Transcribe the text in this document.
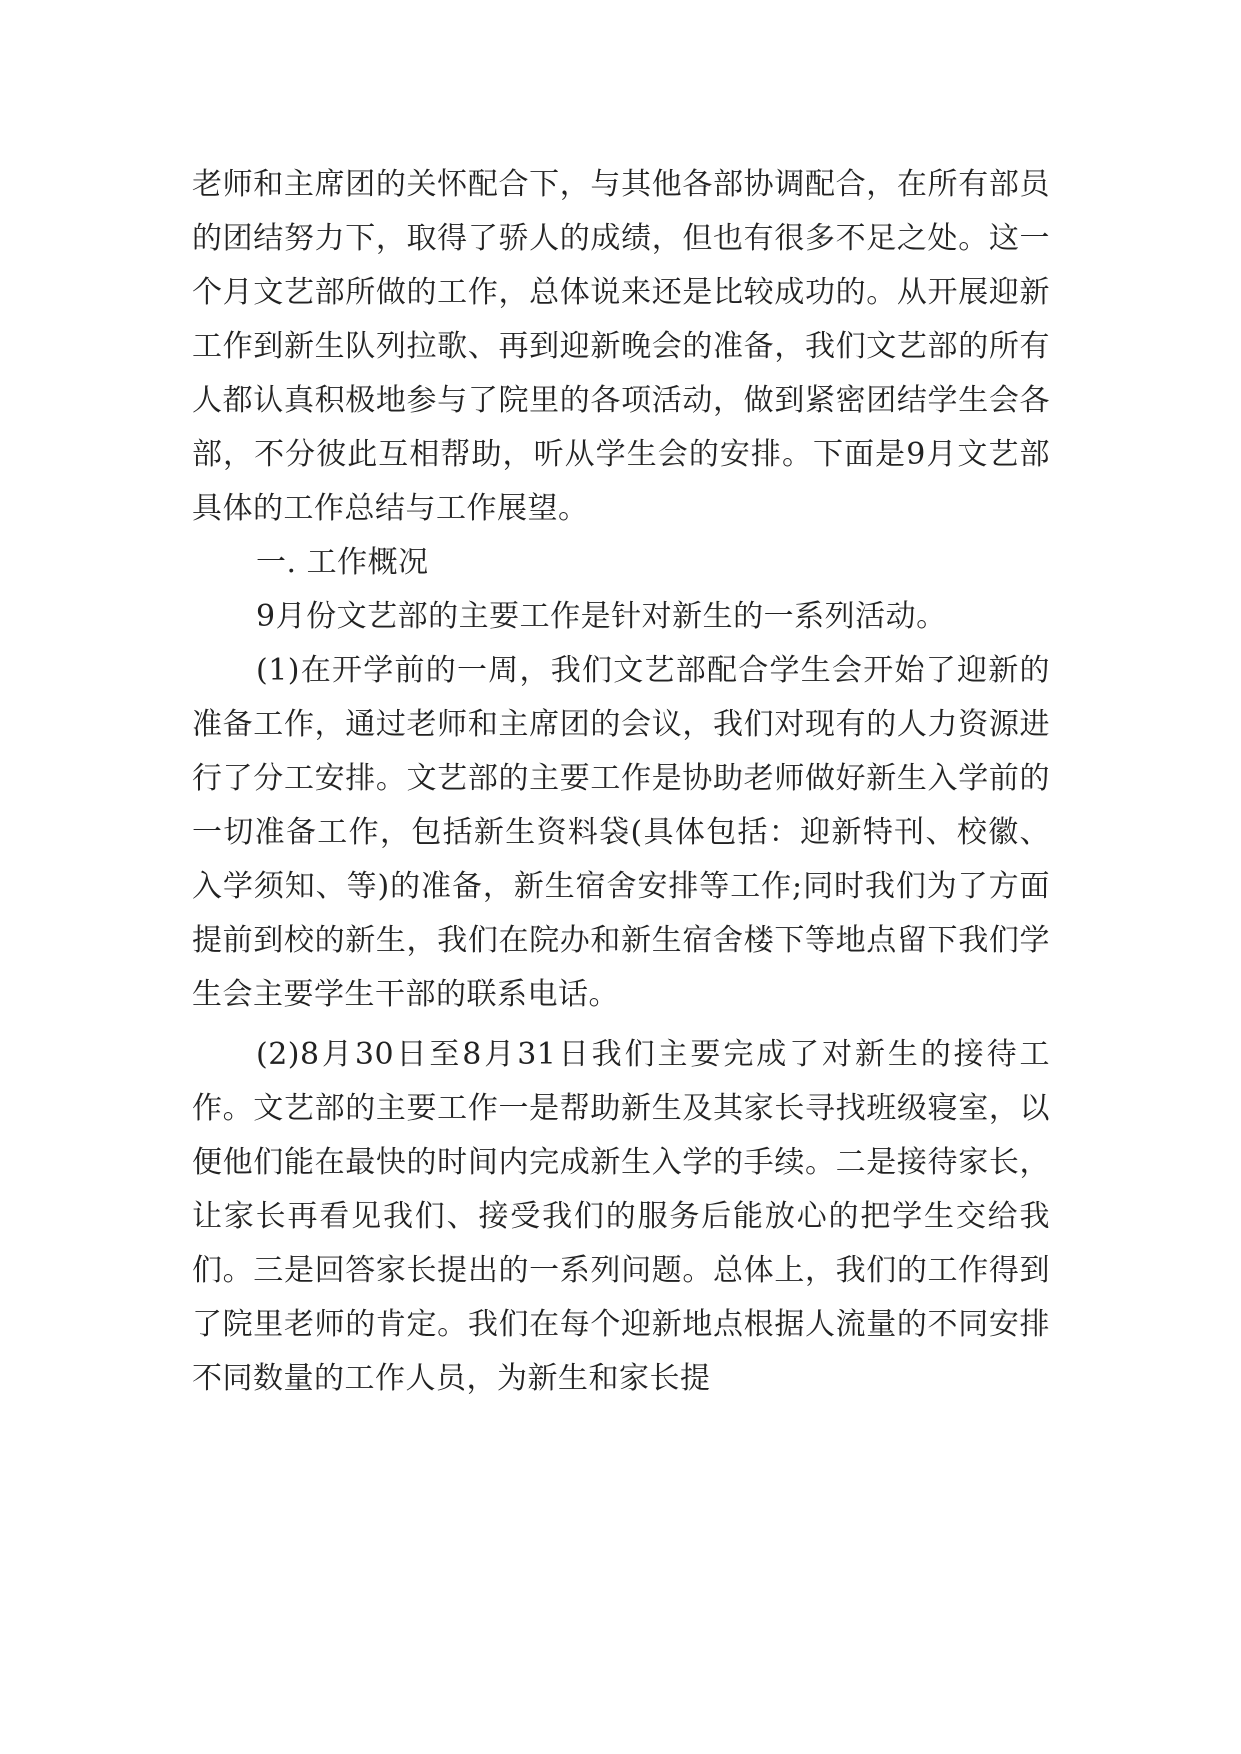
老师和主席团的关怀配合下，与其他各部协调配合，在所有部员的团结努力下，取得了骄人的成绩，但也有很多不足之处。这一个月文艺部所做的工作，总体说来还是比较成功的。从开展迎新工作到新生队列拉歌、再到迎新晚会的准备，我们文艺部的所有人都认真积极地参与了院里的各项活动，做到紧密团结学生会各部，不分彼此互相帮助，听从学生会的安排。下面是9月文艺部具体的工作总结与工作展望。

一. 工作概况

9月份文艺部的主要工作是针对新生的一系列活动。

(1)在开学前的一周，我们文艺部配合学生会开始了迎新的准备工作，通过老师和主席团的会议，我们对现有的人力资源进行了分工安排。文艺部的主要工作是协助老师做好新生入学前的一切准备工作，包括新生资料袋(具体包括：迎新特刊、校徽、入学须知、等)的准备，新生宿舍安排等工作;同时我们为了方面提前到校的新生，我们在院办和新生宿舍楼下等地点留下我们学生会主要学生干部的联系电话。

(2)8月30日至8月31日我们主要完成了对新生的接待工作。文艺部的主要工作一是帮助新生及其家长寻找班级寝室，以便他们能在最快的时间内完成新生入学的手续。二是接待家长，让家长再看见我们、接受我们的服务后能放心的把学生交给我们。三是回答家长提出的一系列问题。总体上，我们的工作得到了院里老师的肯定。我们在每个迎新地点根据人流量的不同安排不同数量的工作人员，为新生和家长提
